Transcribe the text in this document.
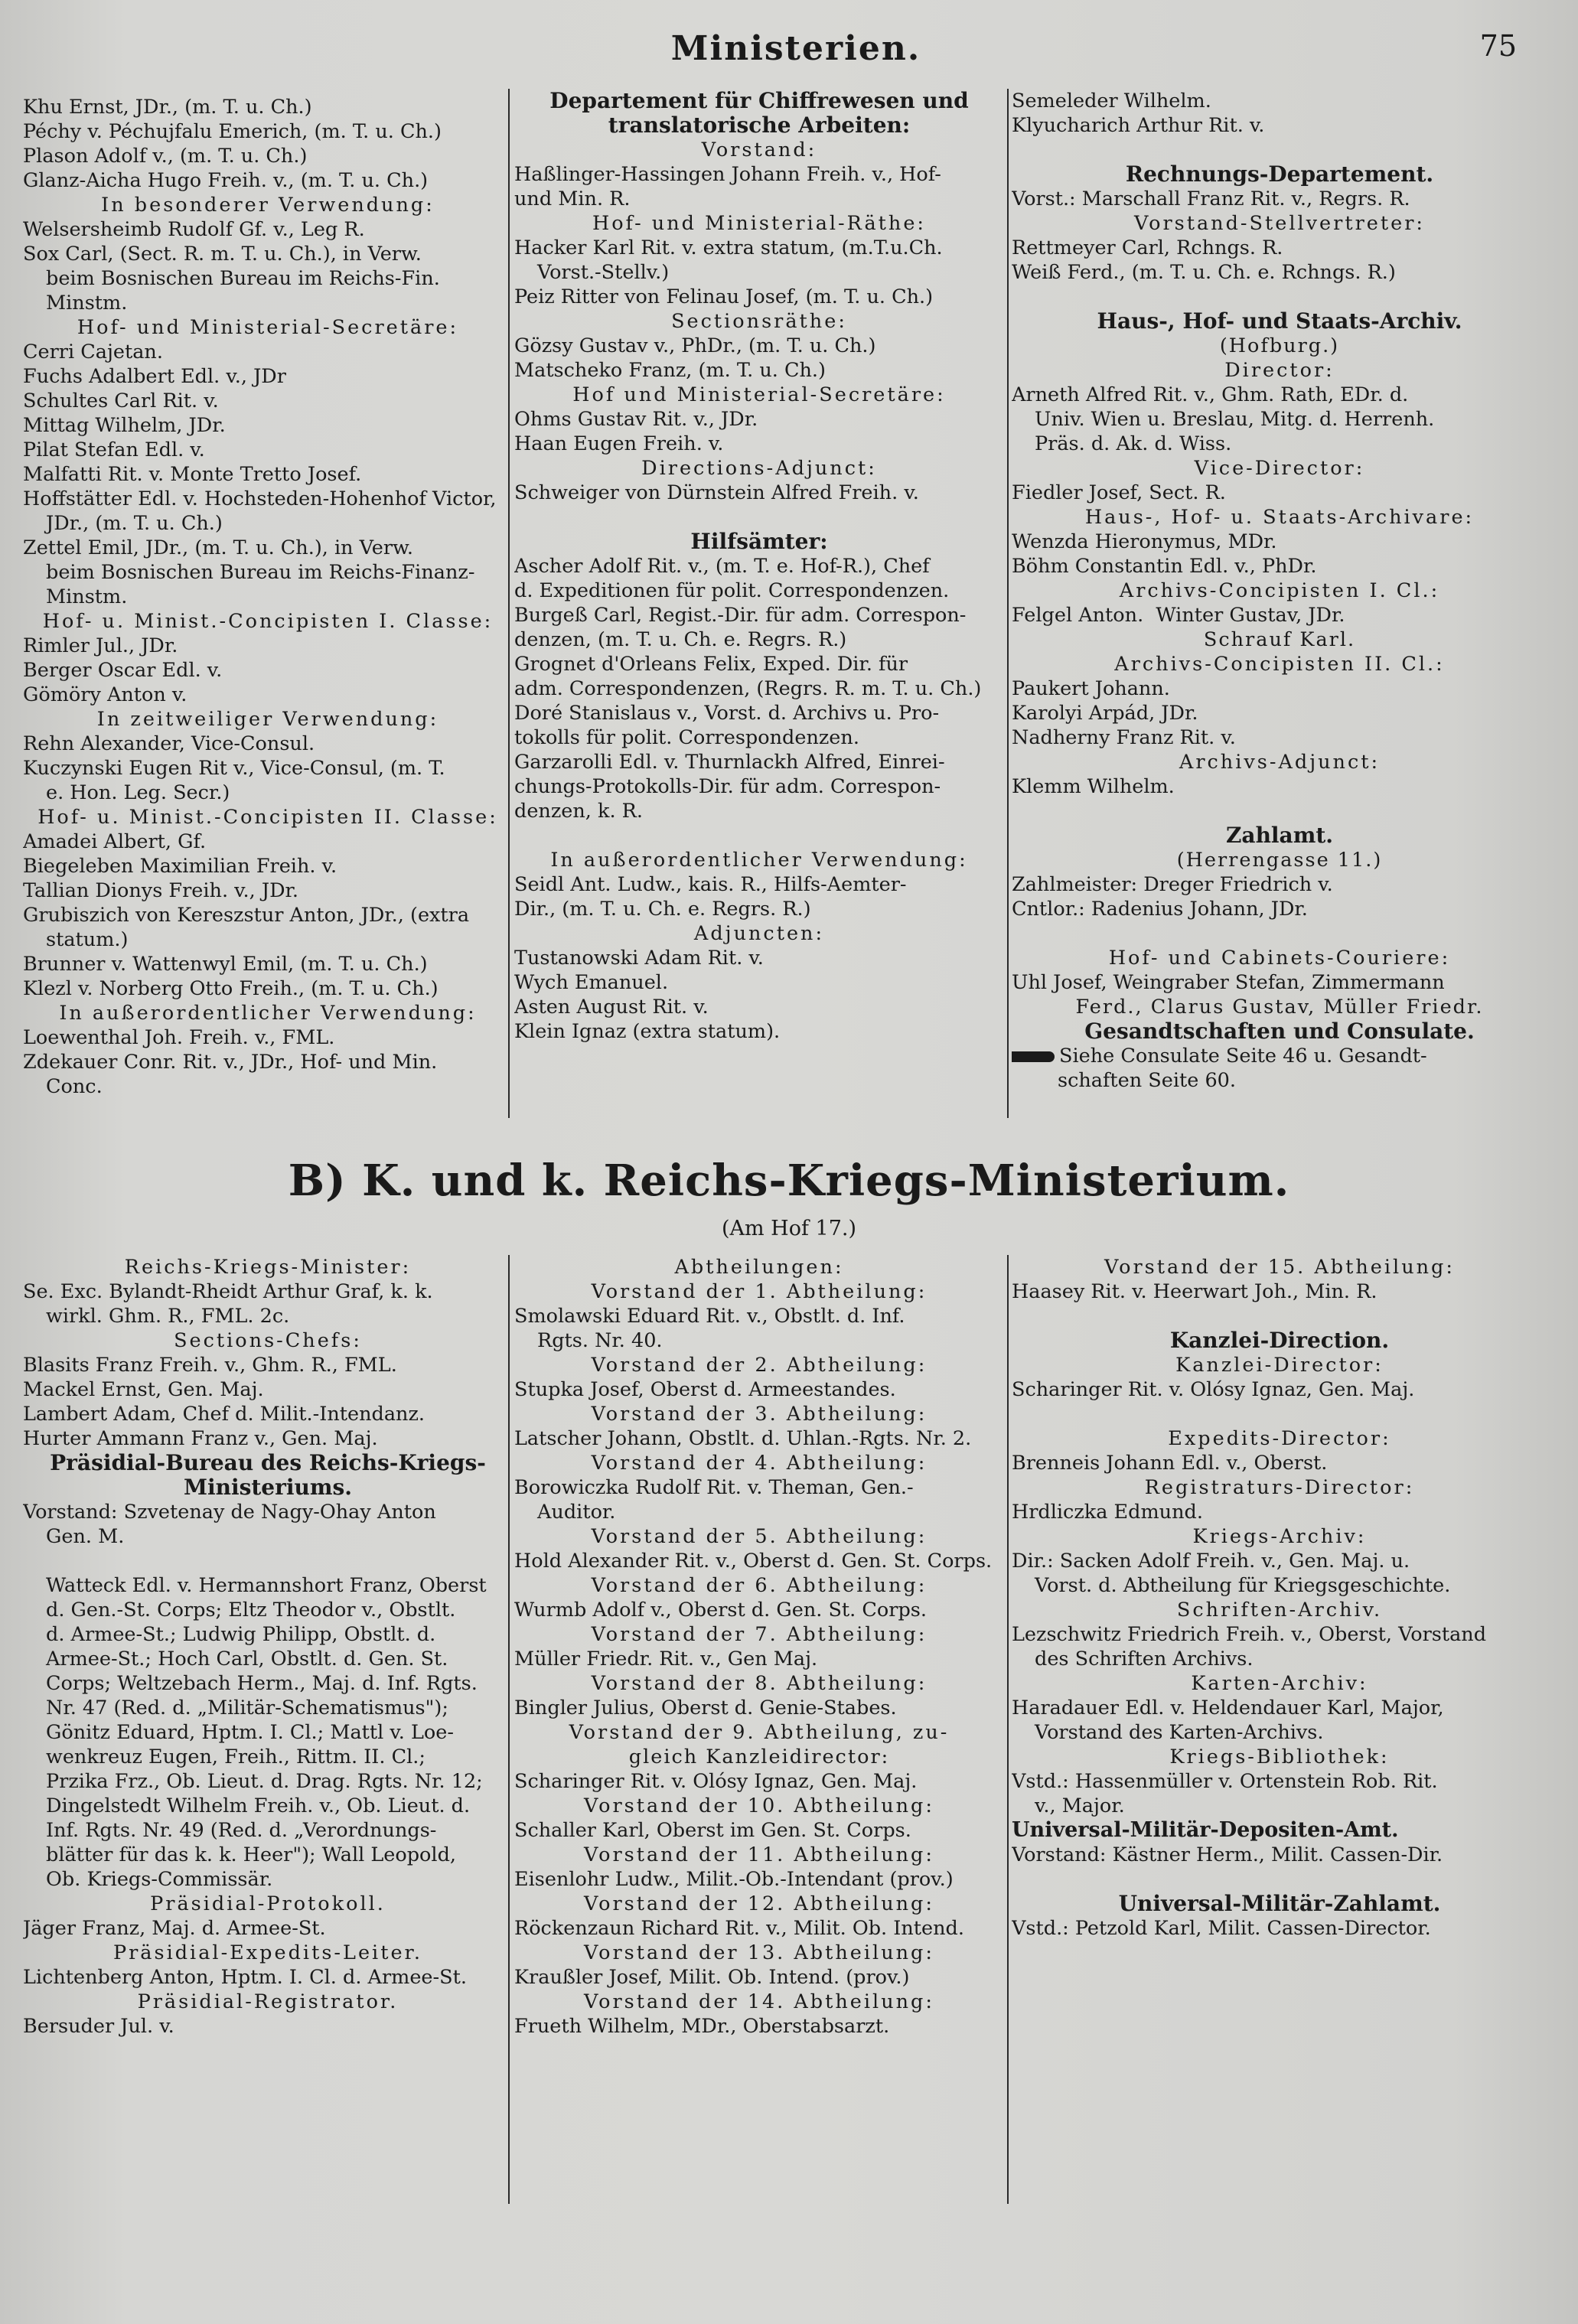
Ministerien.	75
Khu Ernst, JDr., (m. T. u. Ch.)
Péchy v. Péchujfalu Emerich, (m. T. u. Ch.)
Plason Adolf v., (m. T. u. Ch.)
Glanz-Aicha Hugo Freih. v., (m. T. u. Ch.)
In besonderer Verwendung:
Welsersheimb Rudolf Gf. v., Leg R.
Sox Carl, (Sect. R. m. T. u. Ch.), in Verw.
beim Bosnischen Bureau im Reichs-Fin.
Minstm.
Hof- und Ministerial-Secretäre:
Cerri Cajetan.
Fuchs Adalbert Edl. v., JDr
Schultes Carl Rit. v.
Mittag Wilhelm, JDr.
Pilat Stefan Edl. v.
Malfatti Rit. v. Monte Tretto Josef.
Hoffstätter Edl. v. Hochsteden-Hohenhof Victor,
JDr., (m. T. u. Ch.)
Zettel Emil, JDr., (m. T. u. Ch.), in Verw.
beim Bosnischen Bureau im Reichs-Finanz-
Minstm.
Hof- u. Minist.-Concipisten I. Classe:
Rimler Jul., JDr.
Berger Oscar Edl. v.
Gömöry Anton v.
In zeitweiliger Verwendung:
Rehn Alexander, Vice-Consul.
Kuczynski Eugen Rit v., Vice-Consul, (m. T.
e. Hon. Leg. Secr.)
Hof- u. Minist.-Concipisten II. Classe:
Amadei Albert, Gf.
Biegeleben Maximilian Freih. v.
Tallian Dionys Freih. v., JDr.
Grubiszich von Kereszstur Anton, JDr., (extra
statum.)
Brunner v. Wattenwyl Emil, (m. T. u. Ch.)
Klezl v. Norberg Otto Freih., (m. T. u. Ch.)
In außerordentlicher Verwendung:
Loewenthal Joh. Freih. v., FML.
Zdekauer Conr. Rit. v., JDr., Hof- und Min.
Conc.
Departement für Chiffrewesen und
translatorische Arbeiten:
Vorstand:
Haßlinger-Hassingen Johann Freih. v., Hof-
und Min. R.
Hof- und Ministerial-Räthe:
Hacker Karl Rit. v. extra statum, (m.T.u.Ch.
Vorst.-Stellv.)
Peiz Ritter von Felinau Josef, (m. T. u. Ch.)
Sectionsräthe:
Gözsy Gustav v., PhDr., (m. T. u. Ch.)
Matscheko Franz, (m. T. u. Ch.)
Hof und Ministerial-Secretäre:
Ohms Gustav Rit. v., JDr.
Haan Eugen Freih. v.
Directions-Adjunct:
Schweiger von Dürnstein Alfred Freih. v.
Hilfsämter:
Ascher Adolf Rit. v., (m. T. e. Hof-R.), Chef
d. Expeditionen für polit. Correspondenzen.
Burgeß Carl, Regist.-Dir. für adm. Correspon-
denzen, (m. T. u. Ch. e. Regrs. R.)
Grognet d'Orleans Felix, Exped. Dir. für
adm. Correspondenzen, (Regrs. R. m. T. u. Ch.)
Doré Stanislaus v., Vorst. d. Archivs u. Pro-
tokolls für polit. Correspondenzen.
Garzarolli Edl. v. Thurnlackh Alfred, Einrei-
chungs-Protokolls-Dir. für adm. Correspon-
denzen, k. R.
In außerordentlicher Verwendung:
Seidl Ant. Ludw., kais. R., Hilfs-Aemter-
Dir., (m. T. u. Ch. e. Regrs. R.)
Adjuncten:
Tustanowski Adam Rit. v.
Wych Emanuel.
Asten August Rit. v.
Klein Ignaz (extra statum).
Semeleder Wilhelm.
Klyucharich Arthur Rit. v.
Rechnungs-Departement.
Vorst.: Marschall Franz Rit. v., Regrs. R.
Vorstand-Stellvertreter:
Rettmeyer Carl, Rchngs. R.
Weiß Ferd., (m. T. u. Ch. e. Rchngs. R.)
Haus-, Hof- und Staats-Archiv.
(Hofburg.)
Director:
Arneth Alfred Rit. v., Ghm. Rath, EDr. d.
Univ. Wien u. Breslau, Mitg. d. Herrenh.
Präs. d. Ak. d. Wiss.
Vice-Director:
Fiedler Josef, Sect. R.
Haus-, Hof- u. Staats-Archivare:
Wenzda Hieronymus, MDr.
Böhm Constantin Edl. v., PhDr.
Archivs-Concipisten I. Cl.:
Felgel Anton.  Winter Gustav, JDr.
Schrauf Karl.
Archivs-Concipisten II. Cl.:
Paukert Johann.
Karolyi Arpád, JDr.
Nadherny Franz Rit. v.
Archivs-Adjunct:
Klemm Wilhelm.
Zahlamt.
(Herrengasse 11.)
Zahlmeister: Dreger Friedrich v.
Cntlor.: Radenius Johann, JDr.
Hof- und Cabinets-Couriere:
Uhl Josef, Weingraber Stefan, Zimmermann
Ferd., Clarus Gustav, Müller Friedr.
Gesandtschaften und Consulate.
Siehe Consulate Seite 46 u. Gesandt-
schaften Seite 60.
B) K. und k. Reichs-Kriegs-Ministerium.
(Am Hof 17.)
Reichs-Kriegs-Minister:
Se. Exc. Bylandt-Rheidt Arthur Graf, k. k.
wirkl. Ghm. R., FML. 2c.
Sections-Chefs:
Blasits Franz Freih. v., Ghm. R., FML.
Mackel Ernst, Gen. Maj.
Lambert Adam, Chef d. Milit.-Intendanz.
Hurter Ammann Franz v., Gen. Maj.
Präsidial-Bureau des Reichs-Kriegs-
Ministeriums.
Vorstand: Szvetenay de Nagy-Ohay Anton
Gen. M.
Watteck Edl. v. Hermannshort Franz, Oberst
d. Gen.-St. Corps; Eltz Theodor v., Obstlt.
d. Armee-St.; Ludwig Philipp, Obstlt. d.
Armee-St.; Hoch Carl, Obstlt. d. Gen. St.
Corps; Weltzebach Herm., Maj. d. Inf. Rgts.
Nr. 47 (Red. d. „Militär-Schematismus");
Gönitz Eduard, Hptm. I. Cl.; Mattl v. Loe-
wenkreuz Eugen, Freih., Rittm. II. Cl.;
Przika Frz., Ob. Lieut. d. Drag. Rgts. Nr. 12;
Dingelstedt Wilhelm Freih. v., Ob. Lieut. d.
Inf. Rgts. Nr. 49 (Red. d. „Verordnungs-
blätter für das k. k. Heer"); Wall Leopold,
Ob. Kriegs-Commissär.
Präsidial-Protokoll.
Jäger Franz, Maj. d. Armee-St.
Präsidial-Expedits-Leiter.
Lichtenberg Anton, Hptm. I. Cl. d. Armee-St.
Präsidial-Registrator.
Bersuder Jul. v.
Abtheilungen:
Vorstand der 1. Abtheilung:
Smolawski Eduard Rit. v., Obstlt. d. Inf.
Rgts. Nr. 40.
Vorstand der 2. Abtheilung:
Stupka Josef, Oberst d. Armeestandes.
Vorstand der 3. Abtheilung:
Latscher Johann, Obstlt. d. Uhlan.-Rgts. Nr. 2.
Vorstand der 4. Abtheilung:
Borowiczka Rudolf Rit. v. Theman, Gen.-
Auditor.
Vorstand der 5. Abtheilung:
Hold Alexander Rit. v., Oberst d. Gen. St. Corps.
Vorstand der 6. Abtheilung:
Wurmb Adolf v., Oberst d. Gen. St. Corps.
Vorstand der 7. Abtheilung:
Müller Friedr. Rit. v., Gen Maj.
Vorstand der 8. Abtheilung:
Bingler Julius, Oberst d. Genie-Stabes.
Vorstand der 9. Abtheilung, zu-
gleich Kanzleidirector:
Scharinger Rit. v. Olósy Ignaz, Gen. Maj.
Vorstand der 10. Abtheilung:
Schaller Karl, Oberst im Gen. St. Corps.
Vorstand der 11. Abtheilung:
Eisenlohr Ludw., Milit.-Ob.-Intendant (prov.)
Vorstand der 12. Abtheilung:
Röckenzaun Richard Rit. v., Milit. Ob. Intend.
Vorstand der 13. Abtheilung:
Kraußler Josef, Milit. Ob. Intend. (prov.)
Vorstand der 14. Abtheilung:
Frueth Wilhelm, MDr., Oberstabsarzt.
Vorstand der 15. Abtheilung:
Haasey Rit. v. Heerwart Joh., Min. R.
Kanzlei-Direction.
Kanzlei-Director:
Scharinger Rit. v. Olósy Ignaz, Gen. Maj.
Expedits-Director:
Brenneis Johann Edl. v., Oberst.
Registraturs-Director:
Hrdliczka Edmund.
Kriegs-Archiv:
Dir.: Sacken Adolf Freih. v., Gen. Maj. u.
Vorst. d. Abtheilung für Kriegsgeschichte.
Schriften-Archiv.
Lezschwitz Friedrich Freih. v., Oberst, Vorstand
des Schriften Archivs.
Karten-Archiv:
Haradauer Edl. v. Heldendauer Karl, Major,
Vorstand des Karten-Archivs.
Kriegs-Bibliothek:
Vstd.: Hassenmüller v. Ortenstein Rob. Rit.
v., Major.
Universal-Militär-Depositen-Amt.
Vorstand: Kästner Herm., Milit. Cassen-Dir.
Universal-Militär-Zahlamt.
Vstd.: Petzold Karl, Milit. Cassen-Director.
